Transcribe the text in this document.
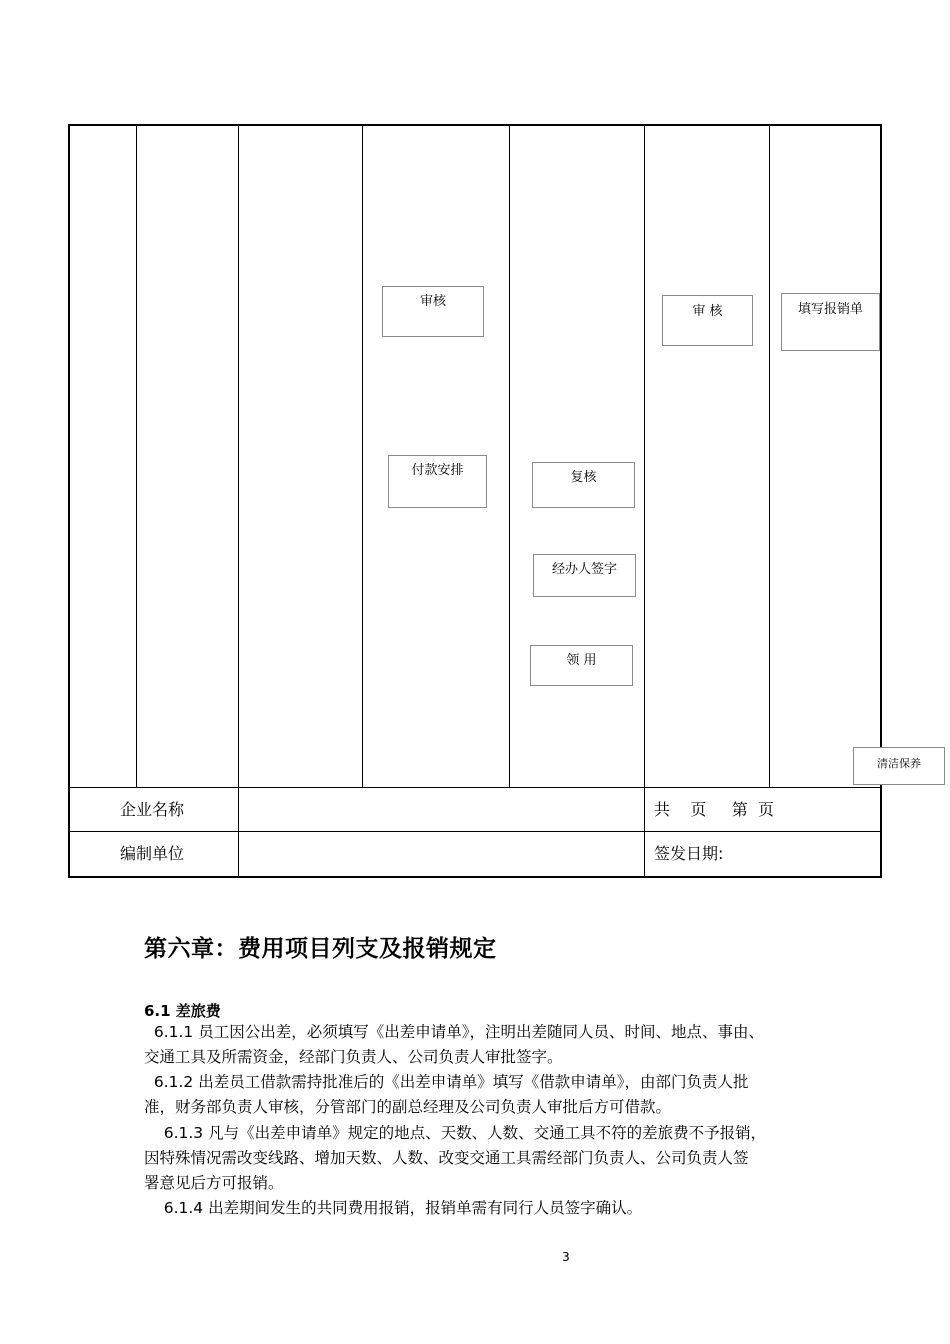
审核
审 核	填写报销单
付款安排	复核
经办人签字
领 用
清洁保养
企业名称
编制单位
共    页     第  页
签发日期:
第六章：费用项目列支及报销规定
6.1 差旅费
6.1.1 员工因公出差，必须填写《出差申请单》，注明出差随同人员、时间、地点、事由、
交通工具及所需资金，经部门负责人、公司负责人审批签字。
6.1.2 出差员工借款需持批准后的《出差申请单》填写《借款申请单》，由部门负责人批
准，财务部负责人审核，分管部门的副总经理及公司负责人审批后方可借款。
6.1.3 凡与《出差申请单》规定的地点、天数、人数、交通工具不符的差旅费不予报销，
因特殊情况需改变线路、增加天数、人数、改变交通工具需经部门负责人、公司负责人签
署意见后方可报销。
6.1.4 出差期间发生的共同费用报销，报销单需有同行人员签字确认。
3
